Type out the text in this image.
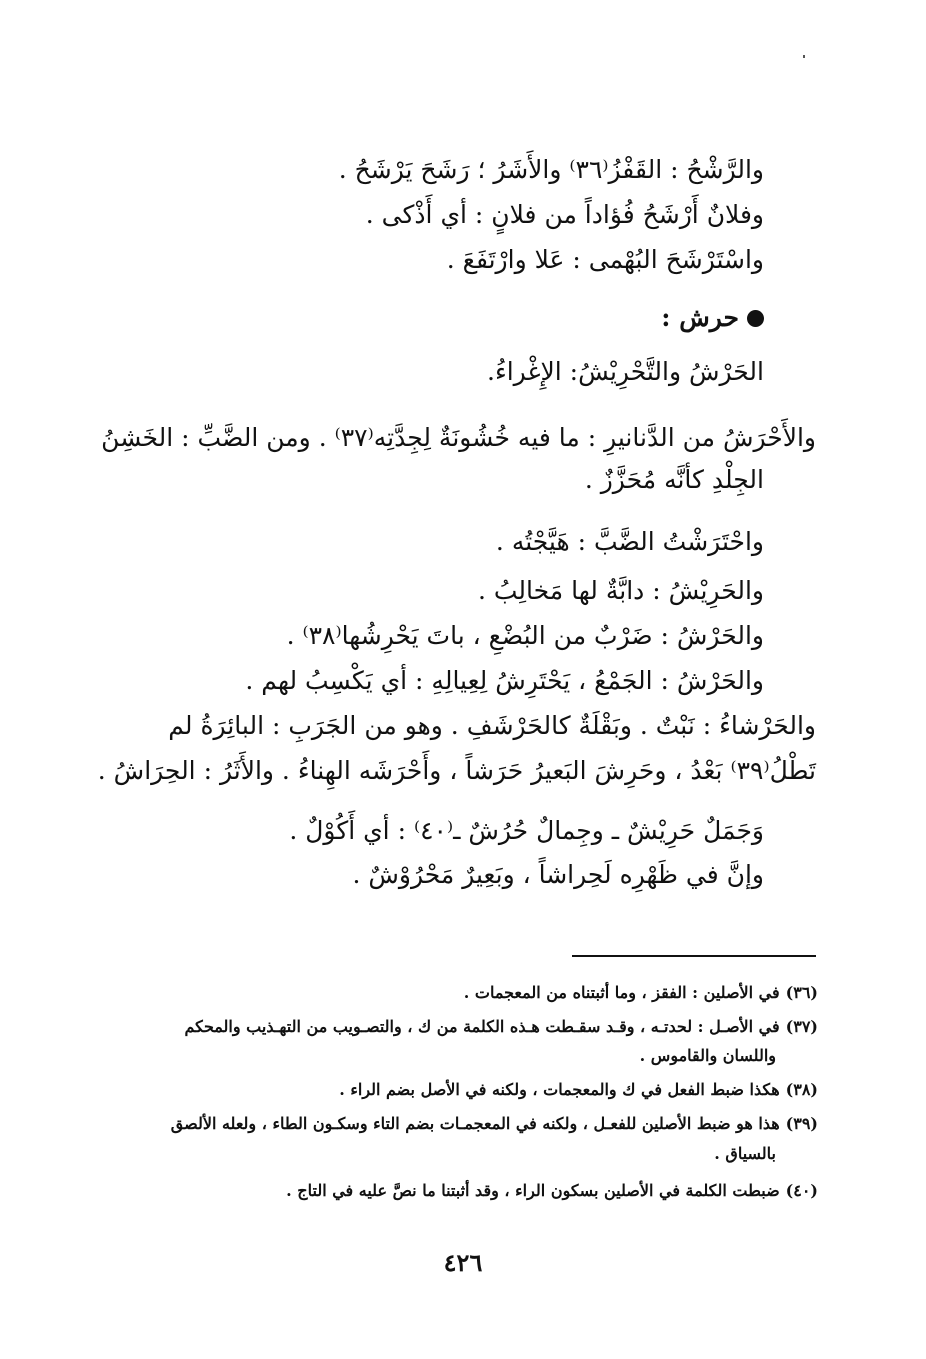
والرَّشْحُ : القَفْزُ⁽٣٦⁾ والأَشَرُ ؛ رَشَحَ يَرْشَحُ .
وفلانٌ أَرْشَحُ فُؤاداً من فلانٍ : أي أَذْكى .
واسْتَرْشَحَ البُهْمى : عَلا وارْتَفَعَ .
حرش :
الحَرْشُ والتَّحْرِيْشُ: الإِغْراءُ.
والأَحْرَشُ من الدَّنانيرِ : ما فيه خُشُونَةٌ لِجِدَّتِه⁽٣٧⁾ . ومن الضَّبِّ : الخَشِنُ
الجِلْدِ كأنَّه مُحَزَّزٌ .
واحْتَرَشْتُ الضَّبَّ : هَيَّجْتُه .
والحَرِيْشُ : دابَّةٌ لها مَخالِبُ .
والحَرْشُ : ضَرْبٌ من البُضْعِ ، باتَ يَحْرِشُها⁽٣٨⁾ .
والحَرْشُ : الجَمْعُ ، يَحْتَرِشُ لِعِيالِهِ : أي يَكْسِبُ لهم .
والحَرْشاءُ : نَبْتٌ . وبَقْلَةٌ كالحَرْشَفِ . وهو من الجَرَبِ : البائِرَةُ لم
تَطْلُ⁽٣٩⁾ بَعْدُ ، وحَرِشَ البَعيرُ حَرَشاً ، وأَحْرَشَه الهِناءُ . والأَثَرُ : الحِرَاشُ .
وَجَمَلٌ حَرِيْشٌ ـ وجِمالٌ حُرُشٌ ـ⁽٤٠⁾ : أي أَكُوْلٌ .
وإنَّ في ظَهْرِه لَحِراشاً ، وبَعِيرٌ مَحْرُوْشٌ .
(٣٦)في الأصلين : الفقز ، وما أثبتناه من المعجمات .
(٣٧)في الأصـل : لحدتـه ، وقـد سقـطت هـذه الكلمة من ك ، والتصـويب من التهـذيب والمحكم
واللسان والقاموس .
(٣٨)هكذا ضبط الفعل في ك والمعجمات ، ولكنه في الأصل بضم الراء .
(٣٩)هذا هو ضبط الأصلين للفعـل ، ولكنه في المعجمـات بضم التاء وسكـون الطاء ، ولعله الألصق
بالسياق .
(٤٠)ضبطت الكلمة في الأصلين بسكون الراء ، وقد أثبتنا ما نصَّ عليه في التاج .
٤٢٦
